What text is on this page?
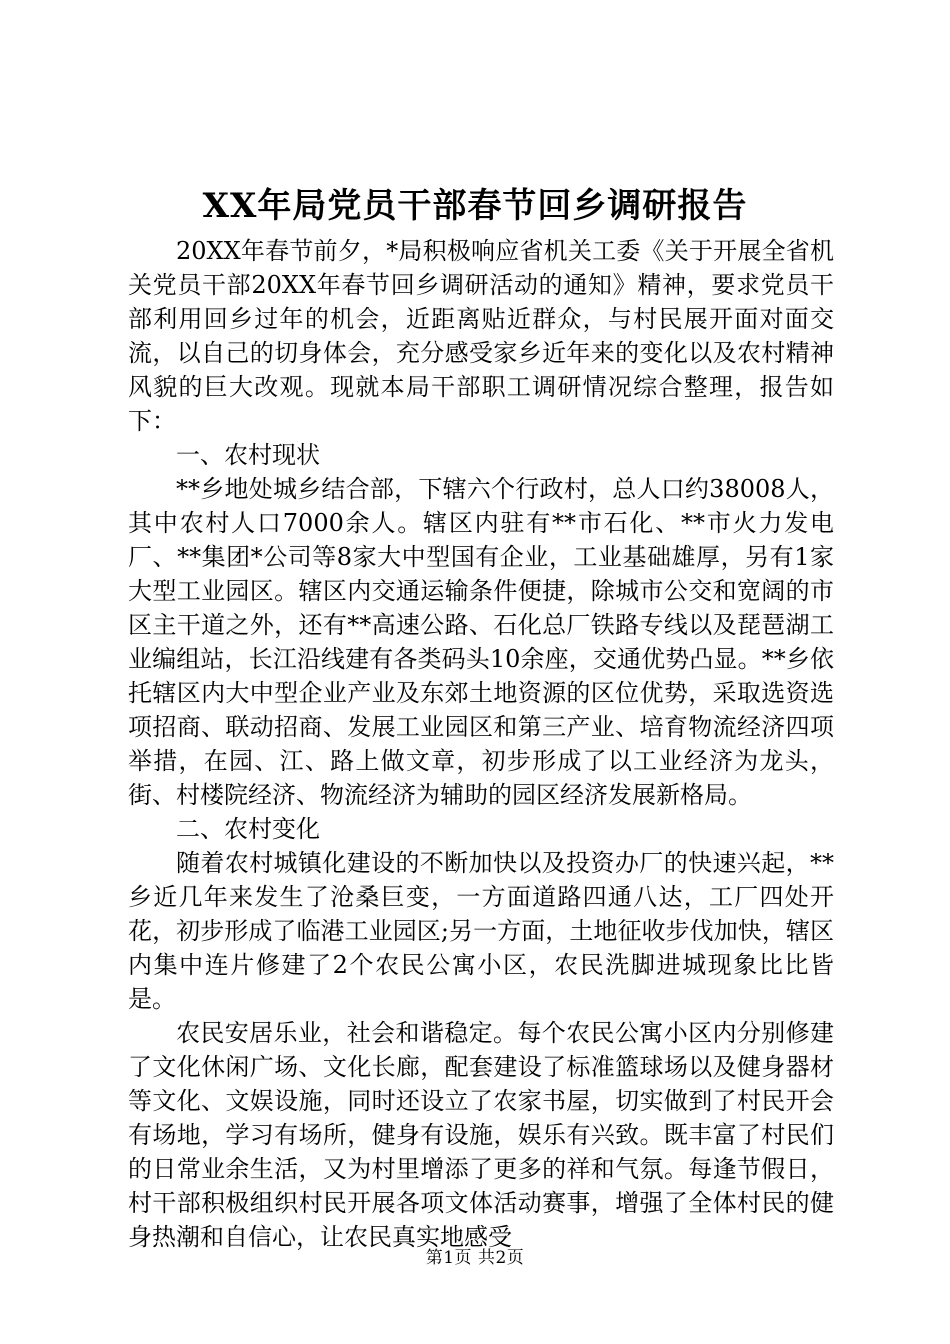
XX年局党员干部春节回乡调研报告

20XX年春节前夕，*局积极响应省机关工委《关于开展全省机关党员干部20XX年春节回乡调研活动的通知》精神，要求党员干部利用回乡过年的机会，近距离贴近群众，与村民展开面对面交流，以自己的切身体会，充分感受家乡近年来的变化以及农村精神风貌的巨大改观。现就本局干部职工调研情况综合整理，报告如下：

一、农村现状

**乡地处城乡结合部，下辖六个行政村，总人口约38008人，其中农村人口7000余人。辖区内驻有**市石化、**市火力发电厂、**集团*公司等8家大中型国有企业，工业基础雄厚，另有1家大型工业园区。辖区内交通运输条件便捷，除城市公交和宽阔的市区主干道之外，还有**高速公路、石化总厂铁路专线以及琵琶湖工业编组站，长江沿线建有各类码头10余座，交通优势凸显。**乡依托辖区内大中型企业产业及东郊土地资源的区位优势，采取选资选项招商、联动招商、发展工业园区和第三产业、培育物流经济四项举措，在园、江、路上做文章，初步形成了以工业经济为龙头，街、村楼院经济、物流经济为辅助的园区经济发展新格局。

二、农村变化

随着农村城镇化建设的不断加快以及投资办厂的快速兴起，**乡近几年来发生了沧桑巨变，一方面道路四通八达，工厂四处开花，初步形成了临港工业园区;另一方面，土地征收步伐加快，辖区内集中连片修建了2个农民公寓小区，农民洗脚进城现象比比皆是。

农民安居乐业，社会和谐稳定。每个农民公寓小区内分别修建了文化休闲广场、文化长廊，配套建设了标准篮球场以及健身器材等文化、文娱设施，同时还设立了农家书屋，切实做到了村民开会有场地，学习有场所，健身有设施，娱乐有兴致。既丰富了村民们的日常业余生活，又为村里增添了更多的祥和气氛。每逢节假日，村干部积极组织村民开展各项文体活动赛事，增强了全体村民的健身热潮和自信心，让农民真实地感受

第1页 共2页
